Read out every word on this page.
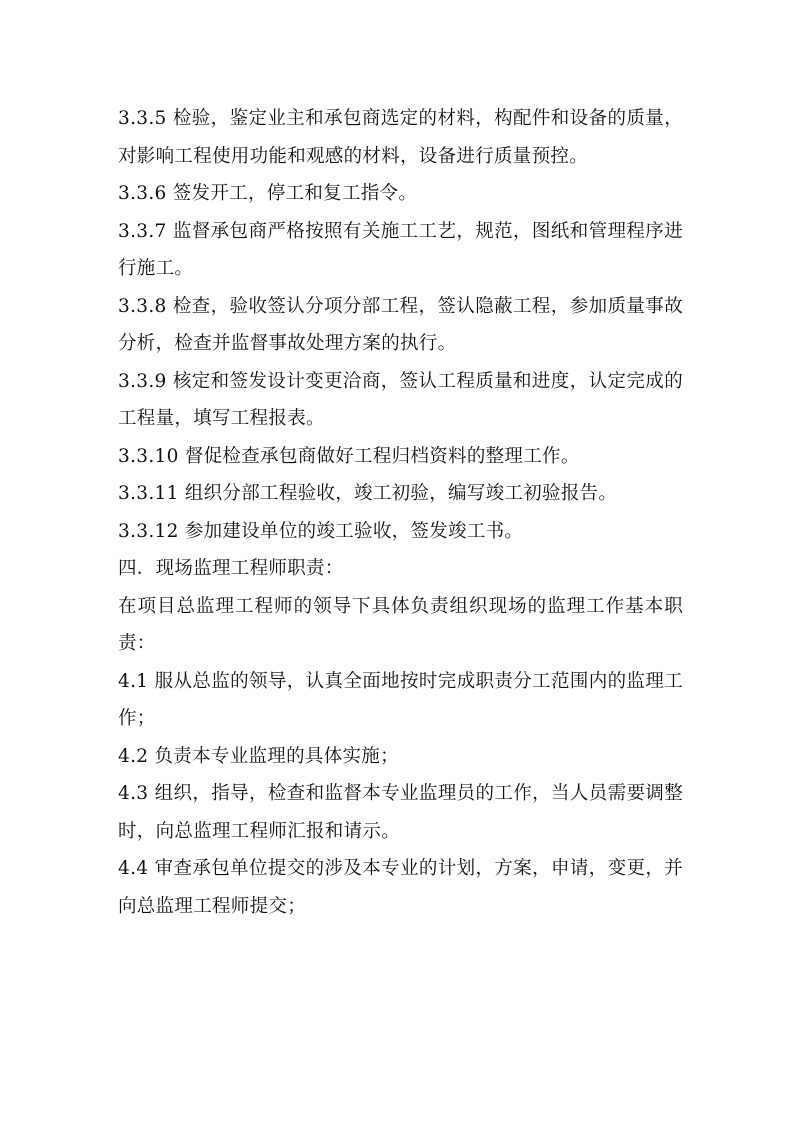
3.3.5 检验，鉴定业主和承包商选定的材料，构配件和设备的质量，对影响工程使用功能和观感的材料，设备进行质量预控。

3.3.6 签发开工，停工和复工指令。

3.3.7 监督承包商严格按照有关施工工艺，规范，图纸和管理程序进行施工。

3.3.8 检查，验收签认分项分部工程，签认隐蔽工程，参加质量事故分析，检查并监督事故处理方案的执行。

3.3.9 核定和签发设计变更洽商，签认工程质量和进度，认定完成的工程量，填写工程报表。

3.3.10 督促检查承包商做好工程归档资料的整理工作。

3.3.11 组织分部工程验收，竣工初验，编写竣工初验报告。

3.3.12 参加建设单位的竣工验收，签发竣工书。

四．现场监理工程师职责：

在项目总监理工程师的领导下具体负责组织现场的监理工作基本职责：

4.1 服从总监的领导，认真全面地按时完成职责分工范围内的监理工作；

4.2 负责本专业监理的具体实施；

4.3 组织，指导，检查和监督本专业监理员的工作，当人员需要调整时，向总监理工程师汇报和请示。

4.4 审查承包单位提交的涉及本专业的计划，方案，申请，变更，并向总监理工程师提交；
